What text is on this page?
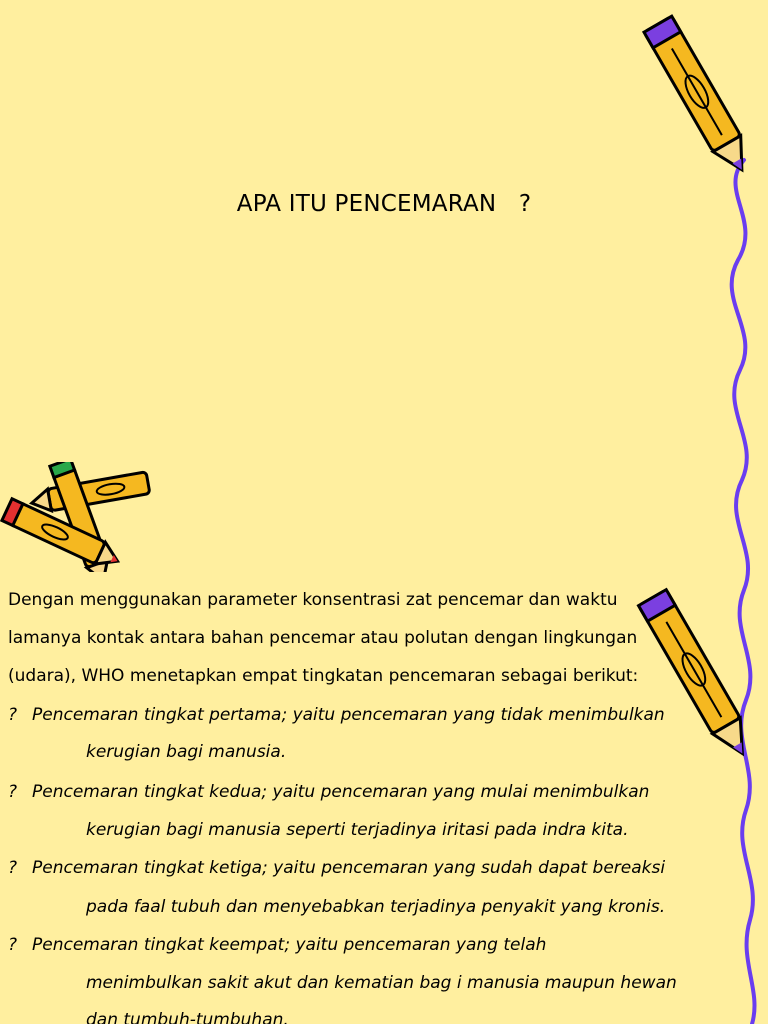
APA ITU PENCEMARAN   ?
Dengan menggunakan parameter konsentrasi zat pencemar dan waktu
lamanya kontak antara bahan pencemar atau polutan dengan lingkungan
(udara), WHO menetapkan empat tingkatan pencemaran sebagai berikut:
? Pencemaran tingkat pertama; yaitu pencemaran yang tidak menimbulkan
kerugian bagi manusia.
? Pencemaran tingkat kedua; yaitu pencemaran yang mulai menimbulkan
kerugian bagi manusia seperti terjadinya iritasi pada indra kita.
? Pencemaran tingkat ketiga; yaitu pencemaran yang sudah dapat bereaksi
pada faal tubuh dan menyebabkan terjadinya penyakit yang kronis.
? Pencemaran tingkat keempat; yaitu pencemaran yang telah
menimbulkan sakit akut dan kematian bag i manusia maupun hewan
dan tumbuh-tumbuhan.
